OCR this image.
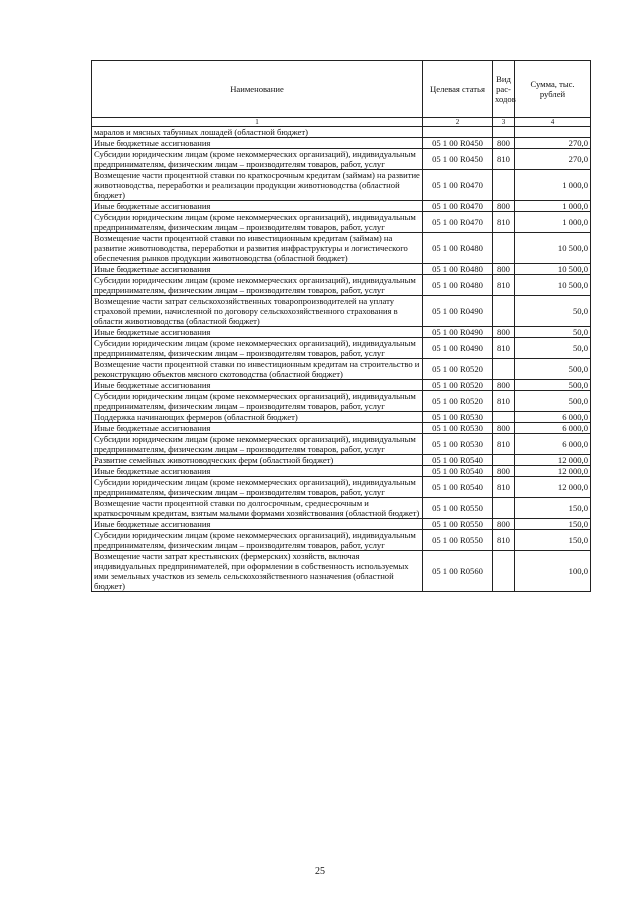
Наименование	Целевая статья	Вид рас-ходов	Сумма, тыс. рублей
1	2	3	4
маралов и мясных табунных лошадей (областной бюджет)			
Иные бюджетные ассигнования	05 1 00 R0450	800	270,0
Субсидии юридическим лицам (кроме некоммерческих организаций), индивидуальным предпринимателям, физическим лицам – производителям товаров, работ, услуг	05 1 00 R0450	810	270,0
Возмещение части процентной ставки по краткосрочным кредитам (займам) на развитие животноводства, переработки и реализации продукции животноводства (областной бюджет)	05 1 00 R0470		1 000,0
Иные бюджетные ассигнования	05 1 00 R0470	800	1 000,0
Субсидии юридическим лицам (кроме некоммерческих организаций), индивидуальным предпринимателям, физическим лицам – производителям товаров, работ, услуг	05 1 00 R0470	810	1 000,0
Возмещение части процентной ставки по инвестиционным кредитам (займам) на развитие животноводства, переработки и развития инфраструктуры и логистического обеспечения рынков продукции животноводства (областной бюджет)	05 1 00 R0480		10 500,0
Иные бюджетные ассигнования	05 1 00 R0480	800	10 500,0
Субсидии юридическим лицам (кроме некоммерческих организаций), индивидуальным предпринимателям, физическим лицам – производителям товаров, работ, услуг	05 1 00 R0480	810	10 500,0
Возмещение части затрат сельскохозяйственных товаропроизводителей на уплату страховой премии, начисленной по договору сельскохозяйственного страхования в области животноводства (областной бюджет)	05 1 00 R0490		50,0
Иные бюджетные ассигнования	05 1 00 R0490	800	50,0
Субсидии юридическим лицам (кроме некоммерческих организаций), индивидуальным предпринимателям, физическим лицам – производителям товаров, работ, услуг	05 1 00 R0490	810	50,0
Возмещение части процентной ставки по инвестиционным кредитам на строительство и реконструкцию объектов мясного скотоводства (областной бюджет)	05 1 00 R0520		500,0
Иные бюджетные ассигнования	05 1 00 R0520	800	500,0
Субсидии юридическим лицам (кроме некоммерческих организаций), индивидуальным предпринимателям, физическим лицам – производителям товаров, работ, услуг	05 1 00 R0520	810	500,0
Поддержка начинающих фермеров (областной бюджет)	05 1 00 R0530		6 000,0
Иные бюджетные ассигнования	05 1 00 R0530	800	6 000,0
Субсидии юридическим лицам (кроме некоммерческих организаций), индивидуальным предпринимателям, физическим лицам – производителям товаров, работ, услуг	05 1 00 R0530	810	6 000,0
Развитие семейных животноводческих ферм (областной бюджет)	05 1 00 R0540		12 000,0
Иные бюджетные ассигнования	05 1 00 R0540	800	12 000,0
Субсидии юридическим лицам (кроме некоммерческих организаций), индивидуальным предпринимателям, физическим лицам – производителям товаров, работ, услуг	05 1 00 R0540	810	12 000,0
Возмещение части процентной ставки по долгосрочным, среднесрочным и краткосрочным кредитам, взятым малыми формами хозяйствования (областной бюджет)	05 1 00 R0550		150,0
Иные бюджетные ассигнования	05 1 00 R0550	800	150,0
Субсидии юридическим лицам (кроме некоммерческих организаций), индивидуальным предпринимателям, физическим лицам – производителям товаров, работ, услуг	05 1 00 R0550	810	150,0
Возмещение части затрат крестьянских (фермерских) хозяйств, включая индивидуальных предпринимателей, при оформлении в собственность используемых ими земельных участков из земель сельскохозяйственного назначения (областной бюджет)	05 1 00 R0560		100,0
25
